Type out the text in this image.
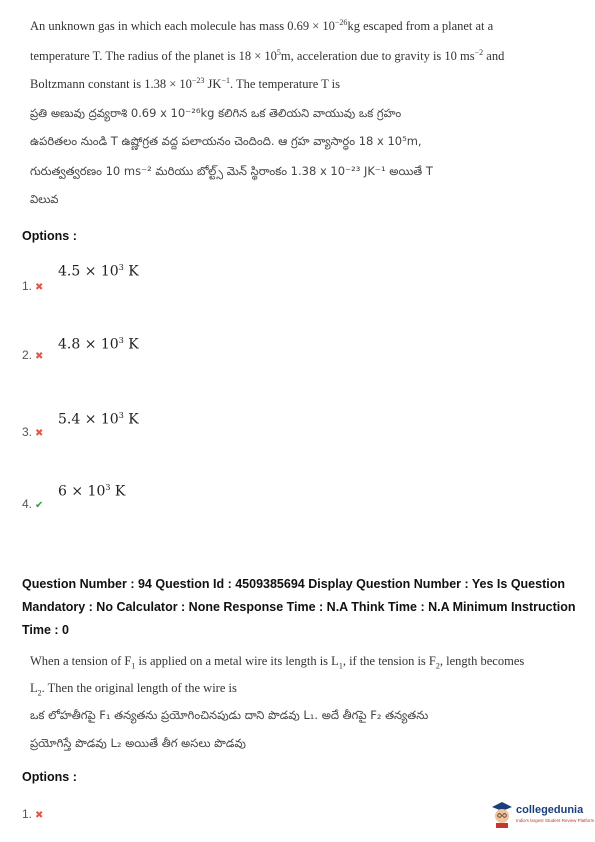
An unknown gas in which each molecule has mass $0.69 \times 10^{-26}kg$ escaped from a planet at a
temperature T. The radius of the planet is $18 \times 10^5m$, acceleration due to gravity is 10 $ms^{-2}$ and
Boltzmann constant is $1.38 \times 10^{-23}$ $JK^{-1}$. The temperature T is
ప్రతి అణువు ద్రవ్యరాశి 0.69 x 10⁻²⁶kg కలిగిన ఒక తెలియని వాయువు ఒక గ్రహం
ఉపరితలం నుండి T ఉష్ణోగ్రత వద్ద పలాయనం చెందింది. ఆ గ్రహ వ్యాసార్ధం 18 x 10⁵m,
గురుత్వత్వరణం 10 ms⁻² మరియు బోల్ట్స్ మెన్ స్థిరాంకం 1.38 x 10⁻²³ JK⁻¹ అయితే T
విలువ
Options :
$4.5 \times 10^3$ K
1. ✖
$4.8 \times 10^3$ K
2. ✖
$5.4 \times 10^3$ K
3. ✖
$6 \times 10^3$ K
4. ✔
Question Number : 94 Question Id : 4509385694 Display Question Number : Yes Is Question
Mandatory : No Calculator : None Response Time : N.A Think Time : N.A Minimum Instruction
Time : 0
When a tension of $F_1$ is applied on a metal wire its length is $L_1$, if the tension is $F_2$, length becomes
$L_2$. Then the original length of the wire is
ఒక లోహతీగపై F₁ తన్యతను ప్రయోగించినపుడు దాని పొడవు L₁. అదే తీగపై F₂ తన్యతను
ప్రయోగిస్తే పొడవు L₂ అయితే తీగ అసలు పొడవు
Options :
1. ✖	collegedunia
India's largest Student Review Platform
